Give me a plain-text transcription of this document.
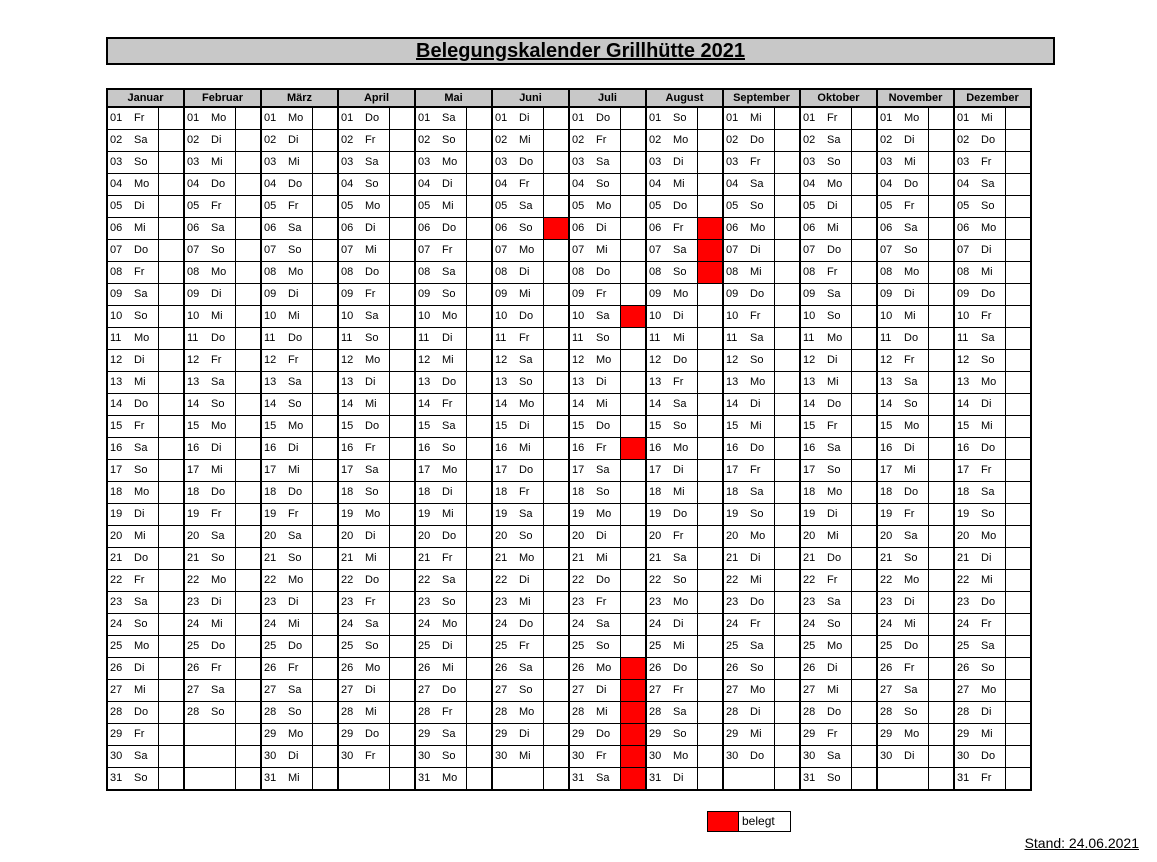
Belegungskalender Grillhütte 2021
Januar			Februar			März			April			Mai			Juni			Juli			August			September			Oktober			November			Dezember		
01	Fr		01	Mo		01	Mo		01	Do		01	Sa		01	Di		01	Do		01	So		01	Mi		01	Fr		01	Mo		01	Mi	
02	Sa		02	Di		02	Di		02	Fr		02	So		02	Mi		02	Fr		02	Mo		02	Do		02	Sa		02	Di		02	Do	
03	So		03	Mi		03	Mi		03	Sa		03	Mo		03	Do		03	Sa		03	Di		03	Fr		03	So		03	Mi		03	Fr	
04	Mo		04	Do		04	Do		04	So		04	Di		04	Fr		04	So		04	Mi		04	Sa		04	Mo		04	Do		04	Sa	
05	Di		05	Fr		05	Fr		05	Mo		05	Mi		05	Sa		05	Mo		05	Do		05	So		05	Di		05	Fr		05	So	
06	Mi		06	Sa		06	Sa		06	Di		06	Do		06	So		06	Di		06	Fr		06	Mo		06	Mi		06	Sa		06	Mo	
07	Do		07	So		07	So		07	Mi		07	Fr		07	Mo		07	Mi		07	Sa		07	Di		07	Do		07	So		07	Di	
08	Fr		08	Mo		08	Mo		08	Do		08	Sa		08	Di		08	Do		08	So		08	Mi		08	Fr		08	Mo		08	Mi	
09	Sa		09	Di		09	Di		09	Fr		09	So		09	Mi		09	Fr		09	Mo		09	Do		09	Sa		09	Di		09	Do	
10	So		10	Mi		10	Mi		10	Sa		10	Mo		10	Do		10	Sa		10	Di		10	Fr		10	So		10	Mi		10	Fr	
11	Mo		11	Do		11	Do		11	So		11	Di		11	Fr		11	So		11	Mi		11	Sa		11	Mo		11	Do		11	Sa	
12	Di		12	Fr		12	Fr		12	Mo		12	Mi		12	Sa		12	Mo		12	Do		12	So		12	Di		12	Fr		12	So	
13	Mi		13	Sa		13	Sa		13	Di		13	Do		13	So		13	Di		13	Fr		13	Mo		13	Mi		13	Sa		13	Mo	
14	Do		14	So		14	So		14	Mi		14	Fr		14	Mo		14	Mi		14	Sa		14	Di		14	Do		14	So		14	Di	
15	Fr		15	Mo		15	Mo		15	Do		15	Sa		15	Di		15	Do		15	So		15	Mi		15	Fr		15	Mo		15	Mi	
16	Sa		16	Di		16	Di		16	Fr		16	So		16	Mi		16	Fr		16	Mo		16	Do		16	Sa		16	Di		16	Do	
17	So		17	Mi		17	Mi		17	Sa		17	Mo		17	Do		17	Sa		17	Di		17	Fr		17	So		17	Mi		17	Fr	
18	Mo		18	Do		18	Do		18	So		18	Di		18	Fr		18	So		18	Mi		18	Sa		18	Mo		18	Do		18	Sa	
19	Di		19	Fr		19	Fr		19	Mo		19	Mi		19	Sa		19	Mo		19	Do		19	So		19	Di		19	Fr		19	So	
20	Mi		20	Sa		20	Sa		20	Di		20	Do		20	So		20	Di		20	Fr		20	Mo		20	Mi		20	Sa		20	Mo	
21	Do		21	So		21	So		21	Mi		21	Fr		21	Mo		21	Mi		21	Sa		21	Di		21	Do		21	So		21	Di	
22	Fr		22	Mo		22	Mo		22	Do		22	Sa		22	Di		22	Do		22	So		22	Mi		22	Fr		22	Mo		22	Mi	
23	Sa		23	Di		23	Di		23	Fr		23	So		23	Mi		23	Fr		23	Mo		23	Do		23	Sa		23	Di		23	Do	
24	So		24	Mi		24	Mi		24	Sa		24	Mo		24	Do		24	Sa		24	Di		24	Fr		24	So		24	Mi		24	Fr	
25	Mo		25	Do		25	Do		25	So		25	Di		25	Fr		25	So		25	Mi		25	Sa		25	Mo		25	Do		25	Sa	
26	Di		26	Fr		26	Fr		26	Mo		26	Mi		26	Sa		26	Mo		26	Do		26	So		26	Di		26	Fr		26	So	
27	Mi		27	Sa		27	Sa		27	Di		27	Do		27	So		27	Di		27	Fr		27	Mo		27	Mi		27	Sa		27	Mo	
28	Do		28	So		28	So		28	Mi		28	Fr		28	Mo		28	Mi		28	Sa		28	Di		28	Do		28	So		28	Di	
29	Fr					29	Mo		29	Do		29	Sa		29	Di		29	Do		29	So		29	Mi		29	Fr		29	Mo		29	Mi	
30	Sa					30	Di		30	Fr		30	So		30	Mi		30	Fr		30	Mo		30	Do		30	Sa		30	Di		30	Do	
31	So					31	Mi					31	Mo					31	Sa		31	Di					31	So					31	Fr	
belegt
Stand: 24.06.2021
